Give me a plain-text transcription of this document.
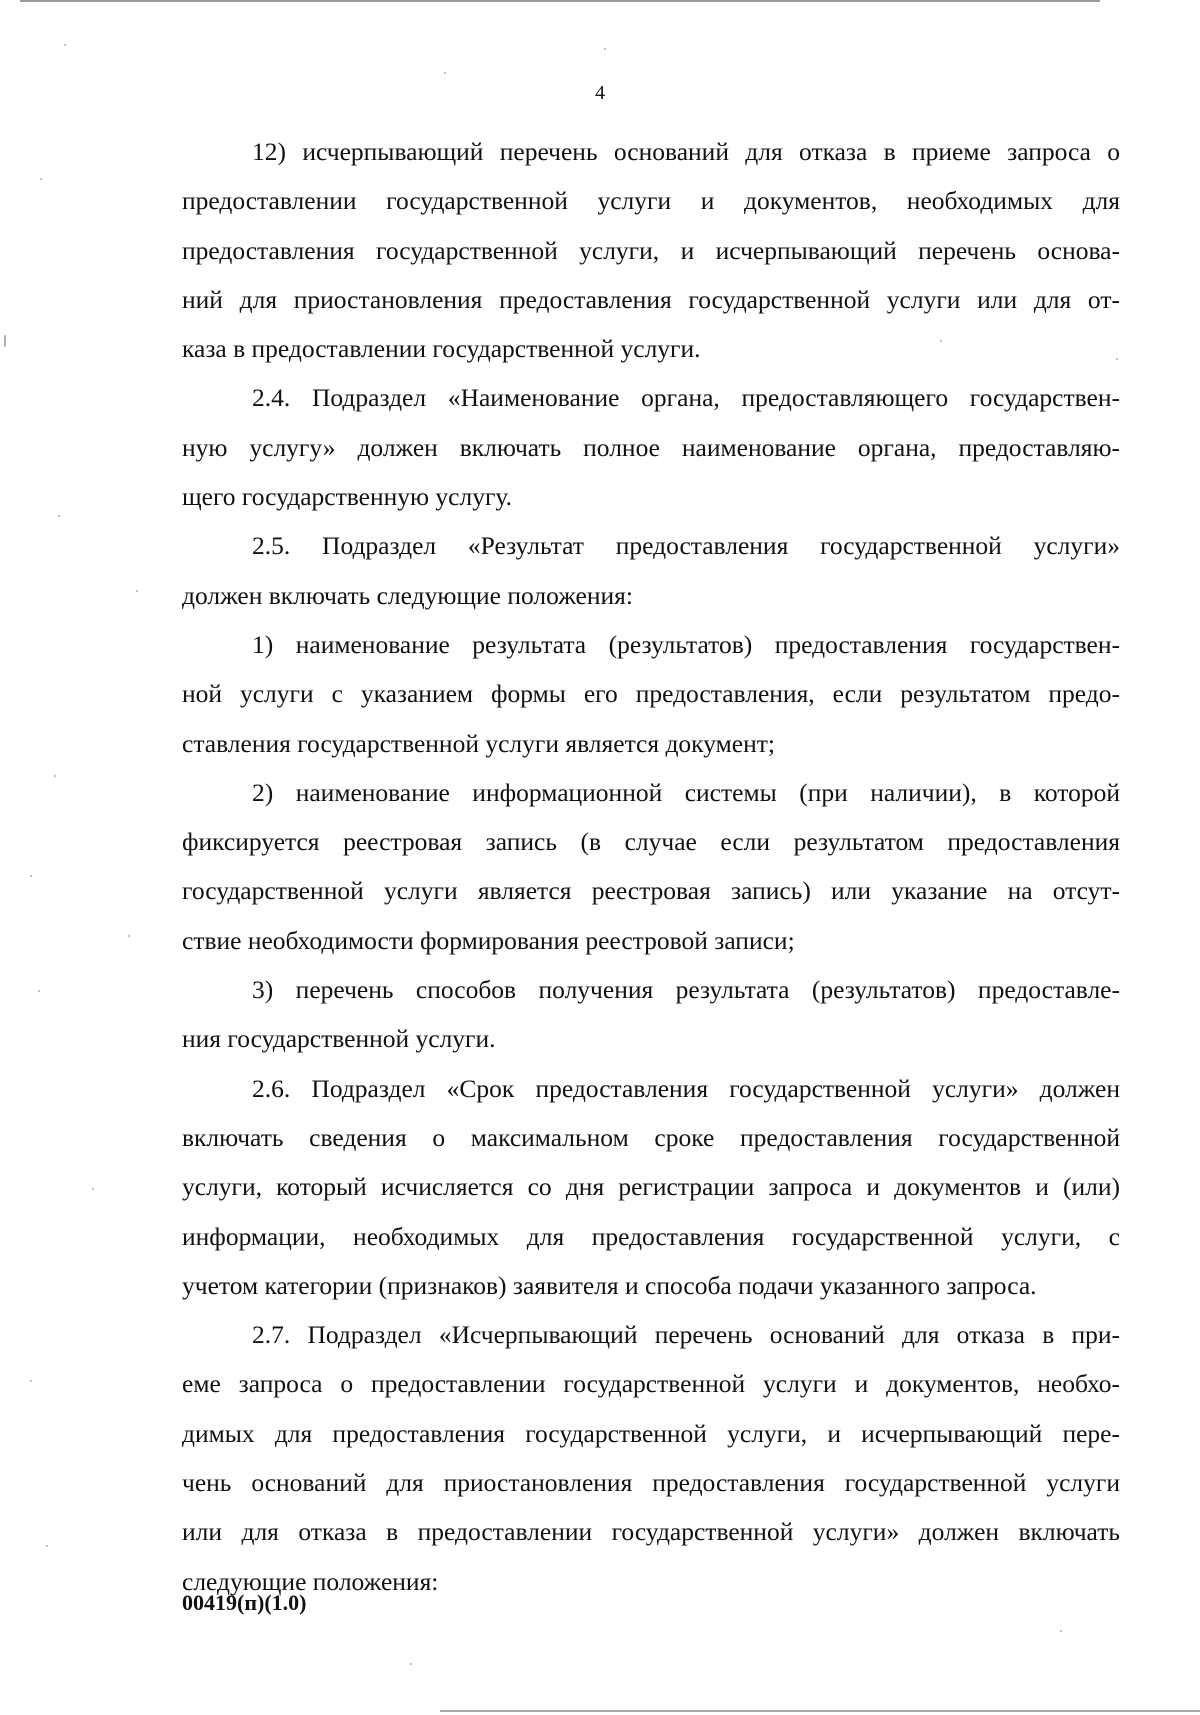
4
12) исчерпывающий перечень оснований для отказа в приеме запроса о
предоставлении государственной услуги и документов, необходимых для
предоставления государственной услуги, и исчерпывающий перечень основа-
ний для приостановления предоставления государственной услуги или для от-
каза в предоставлении государственной услуги.
2.4. Подраздел «Наименование органа, предоставляющего государствен-
ную услугу» должен включать полное наименование органа, предоставляю-
щего государственную услугу.
2.5. Подраздел «Результат предоставления государственной услуги»
должен включать следующие положения:
1) наименование результата (результатов) предоставления государствен-
ной услуги с указанием формы его предоставления, если результатом предо-
ставления государственной услуги является документ;
2) наименование информационной системы (при наличии), в которой
фиксируется реестровая запись (в случае если результатом предоставления
государственной услуги является реестровая запись) или указание на отсут-
ствие необходимости формирования реестровой записи;
3) перечень способов получения результата (результатов) предоставле-
ния государственной услуги.
2.6. Подраздел «Срок предоставления государственной услуги» должен
включать сведения о максимальном сроке предоставления государственной
услуги, который исчисляется со дня регистрации запроса и документов и (или)
информации, необходимых для предоставления государственной услуги, с
учетом категории (признаков) заявителя и способа подачи указанного запроса.
2.7. Подраздел «Исчерпывающий перечень оснований для отказа в при-
еме запроса о предоставлении государственной услуги и документов, необхо-
димых для предоставления государственной услуги, и исчерпывающий пере-
чень оснований для приостановления предоставления государственной услуги
или для отказа в предоставлении государственной услуги» должен включать
следующие положения:
00419(п)(1.0)
